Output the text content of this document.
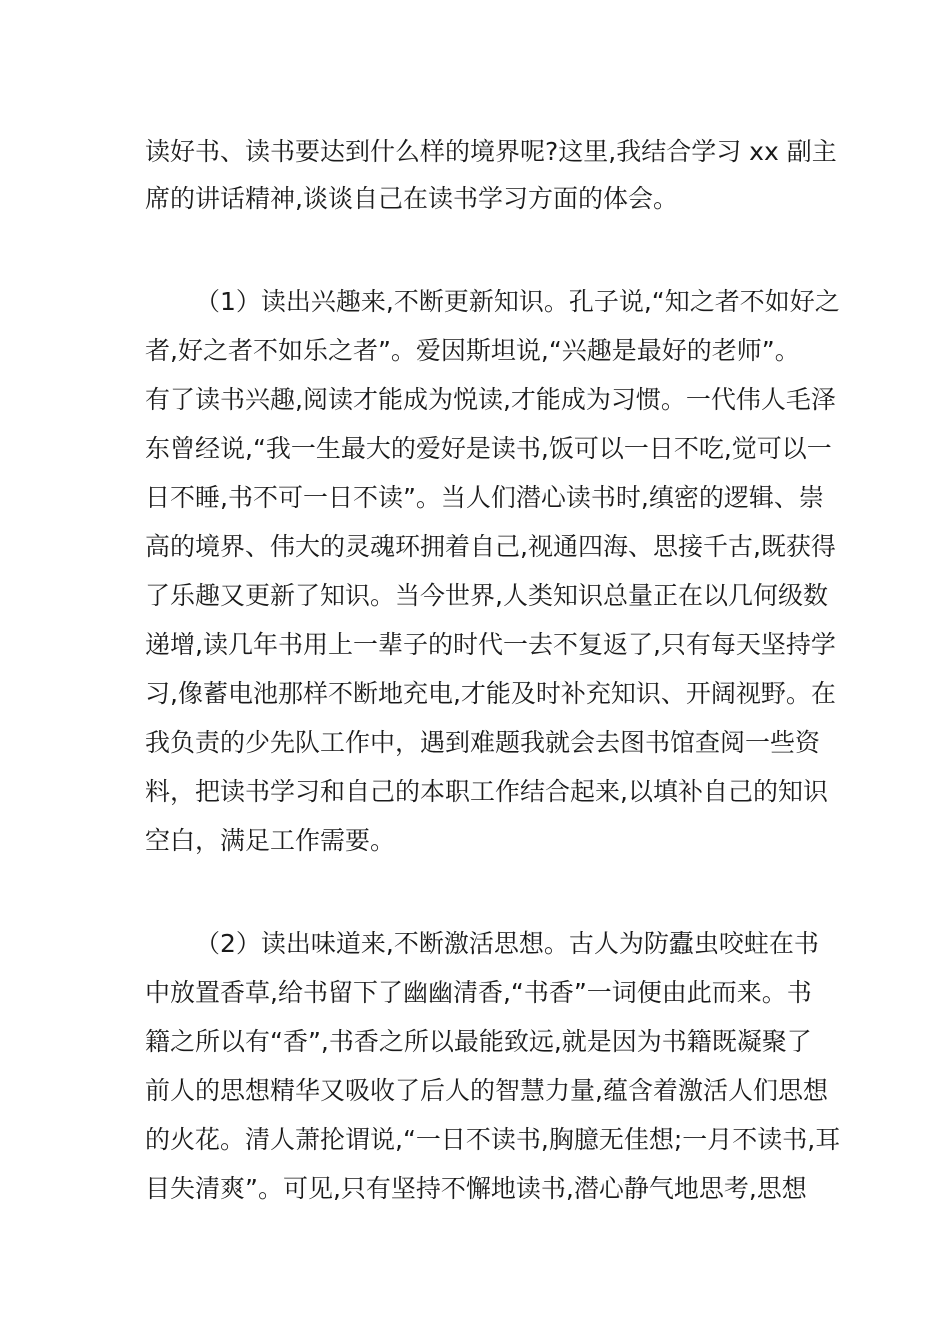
读好书、读书要达到什么样的境界呢?这里,我结合学习 xx 副主
席的讲话精神,谈谈自己在读书学习方面的体会。
（1）读出兴趣来,不断更新知识。孔子说,“知之者不如好之
者,好之者不如乐之者”。爱因斯坦说,“兴趣是最好的老师”。
有了读书兴趣,阅读才能成为悦读,才能成为习惯。一代伟人毛泽
东曾经说,“我一生最大的爱好是读书,饭可以一日不吃,觉可以一
日不睡,书不可一日不读”。当人们潜心读书时,缜密的逻辑、崇
高的境界、伟大的灵魂环拥着自己,视通四海、思接千古,既获得
了乐趣又更新了知识。当今世界,人类知识总量正在以几何级数
递增,读几年书用上一辈子的时代一去不复返了,只有每天坚持学
习,像蓄电池那样不断地充电,才能及时补充知识、开阔视野。在
我负责的少先队工作中，遇到难题我就会去图书馆查阅一些资
料，把读书学习和自己的本职工作结合起来,以填补自己的知识
空白，满足工作需要。
（2）读出味道来,不断激活思想。古人为防蠹虫咬蛀在书
中放置香草,给书留下了幽幽清香,“书香”一词便由此而来。书
籍之所以有“香”,书香之所以最能致远,就是因为书籍既凝聚了
前人的思想精华又吸收了后人的智慧力量,蕴含着激活人们思想
的火花。清人萧抡谓说,“一日不读书,胸臆无佳想;一月不读书,耳
目失清爽”。可见,只有坚持不懈地读书,潜心静气地思考,思想
